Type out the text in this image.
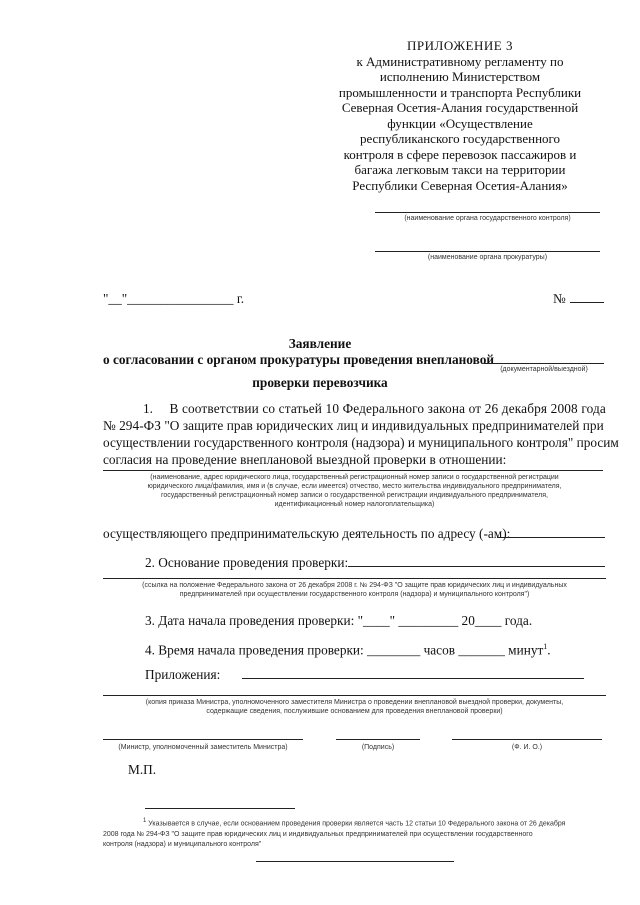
ПРИЛОЖЕНИЕ 3
к Административному регламенту по
исполнению Министерством
промышленности и транспорта Республики
Северная Осетия-Алания государственной
функции «Осуществление
республиканского государственного
контроля в сфере перевозок пассажиров и
багажа легковым такси на территории
Республики Северная Осетия-Алания»
(наименование органа государственного контроля)
(наименование органа прокуратуры)
"__"________________ г.	№
Заявление
о согласовании с органом прокуратуры проведения внеплановой
(документарной/выездной)
проверки перевозчика
1.	В соответствии со статьей 10 Федерального закона от 26 декабря 2008 года
№ 294-ФЗ "О защите прав юридических лиц и индивидуальных предпринимателей при
осуществлении государственного контроля (надзора) и муниципального контроля" просим
согласия на проведение внеплановой выездной проверки в отношении:
(наименование, адрес юридического лица, государственный регистрационный номер записи о государственной регистрации
юридического лица/фамилия, имя и (в случае, если имеется) отчество, место жительства индивидуального предпринимателя,
государственный регистрационный номер записи о государственной регистрации индивидуального предпринимателя,
идентификационный номер налогоплательщика)
осуществляющего предпринимательскую деятельность по адресу (-ам):
2. Основание проведения проверки:
(ссылка на положение Федерального закона от 26 декабря 2008 г. № 294-ФЗ "О защите прав юридических лиц и индивидуальных
предпринимателей при осуществлении государственного контроля (надзора) и муниципального контроля")
3. Дата начала проведения проверки: "____" _________ 20____ года.
4. Время начала проведения проверки: ________ часов _______ минут$^1$.
Приложения:
(копия приказа Министра, уполномоченного заместителя Министра о проведении внеплановой выездной проверки, документы,
содержащие сведения, послужившие основанием для проведения внеплановой проверки)
(Министр, уполномоченный заместитель Министра)	(Подпись)	(Ф. И. О.)
М.П.
$^1$ Указывается в случае, если основанием проведения проверки является часть 12 статьи 10 Федерального закона от 26 декабря
2008 года № 294-ФЗ "О защите прав юридических лиц и индивидуальных предпринимателей при осуществлении государственного
контроля (надзора) и муниципального контроля"
